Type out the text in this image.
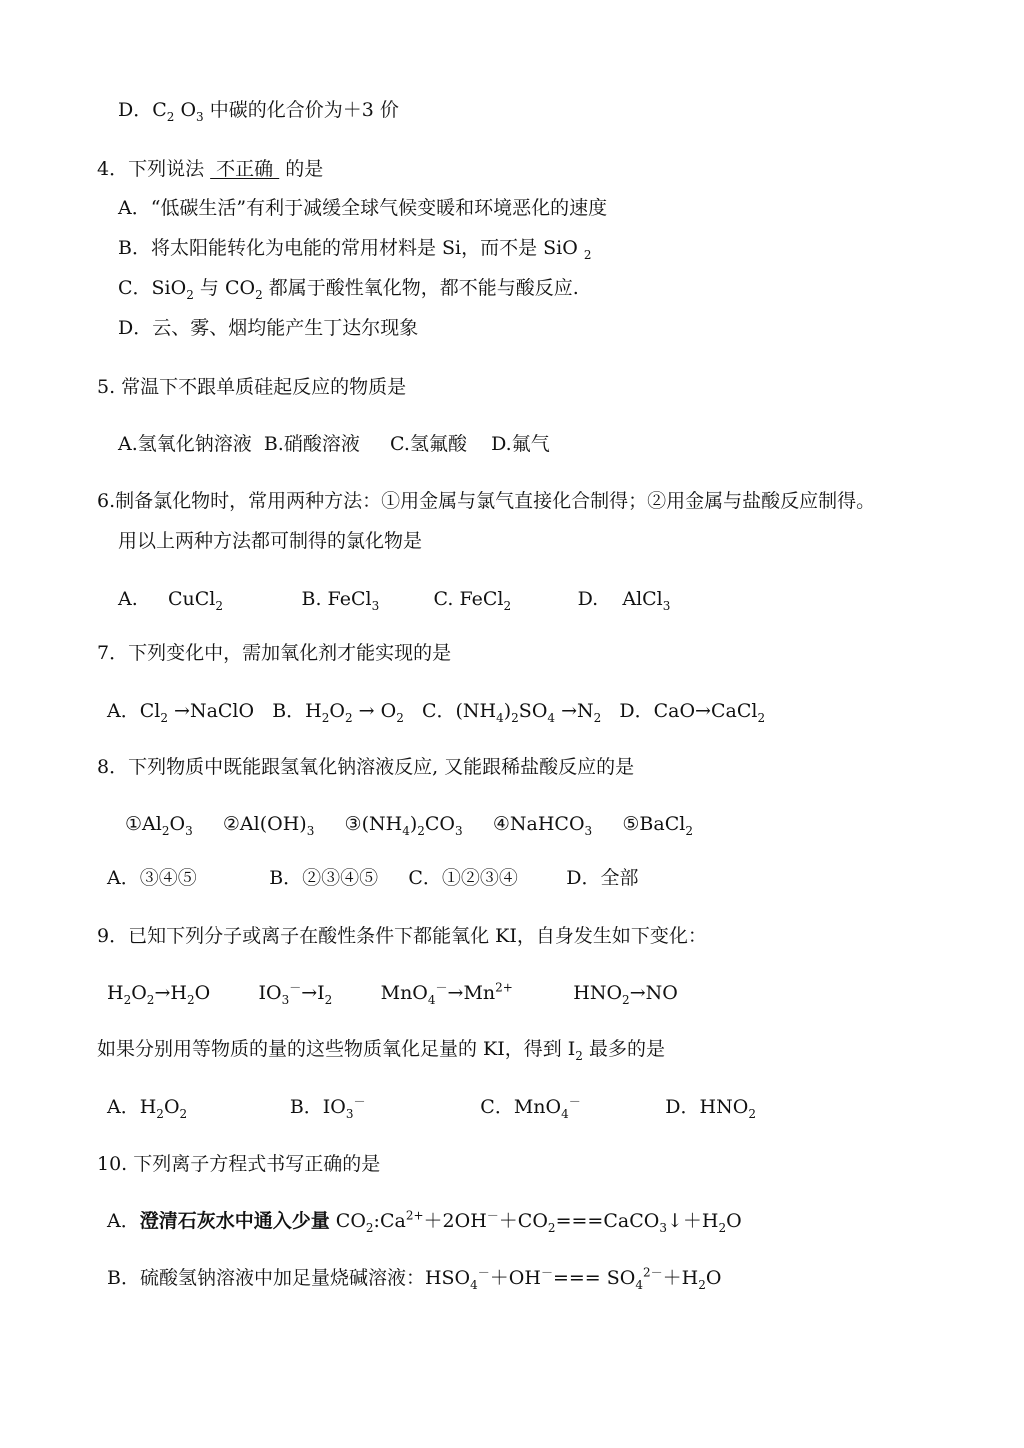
D．$C_2$ $O_3$ 中碳的化合价为＋3 价
4．下列说法  不正确  的是
A．“低碳生活”有利于减缓全球气候变暖和环境恶化的速度
B．将太阳能转化为电能的常用材料是 Si，而不是 SiO $_2$
C．SiO$_2$ 与 $CO_2$ 都属于酸性氧化物，都不能与酸反应.
D．云、雾、烟均能产生丁达尔现象
5. 常温下不跟单质硅起反应的物质是
A.氢氧化钠溶液  B.硝酸溶液     C.氢氟酸    D.氟气
6.制备氯化物时，常用两种方法：①用金属与氯气直接化合制得；②用金属与盐酸反应制得。
用以上两种方法都可制得的氯化物是
A.     CuCl$_2$             B. FeCl$_3$         C. FeCl$_2$           D.    AlCl$_3$
7．下列变化中，需加氧化剂才能实现的是
A．$Cl_2$ →NaClO   B．$H_2O_2 \to O_2$   C．$(NH_4)_2SO_4 \to N_2$   D．CaO→CaCl$_2$
8．下列物质中既能跟氢氧化钠溶液反应, 又能跟稀盐酸反应的是
$①Al_2O_3$     $②Al(OH)_3$     $③(NH_4)_2CO_3$     ④NaHCO$_3$     ⑤BaCl$_2$
A．③④⑤            B．②③④⑤     C．①②③④        D．全部
9．已知下列分子或离子在酸性条件下都能氧化 KI，自身发生如下变化：
$H_2O_2\to H_2O$        $IO_3^-\to I_2$        $MnO_4^-\to Mn^{2+}$          $HNO_2\to NO$
如果分别用等物质的量的这些物质氧化足量的 KI，得到 $I_2$ 最多的是
A．$H_2O_2$                 B．$IO_3^-$                   C．MnO$_4$－              D．$HNO_2$
10. 下列离子方程式书写正确的是
A．澄清石灰水中通入少量 $CO_2:Ca^{2+}+2OH^-+CO_2===CaCO_3↓+H_2O$
B．硫酸氢钠溶液中加足量烧碱溶液：$HSO_4^-+OH^-=== SO_4^{2-}+H_2O$
